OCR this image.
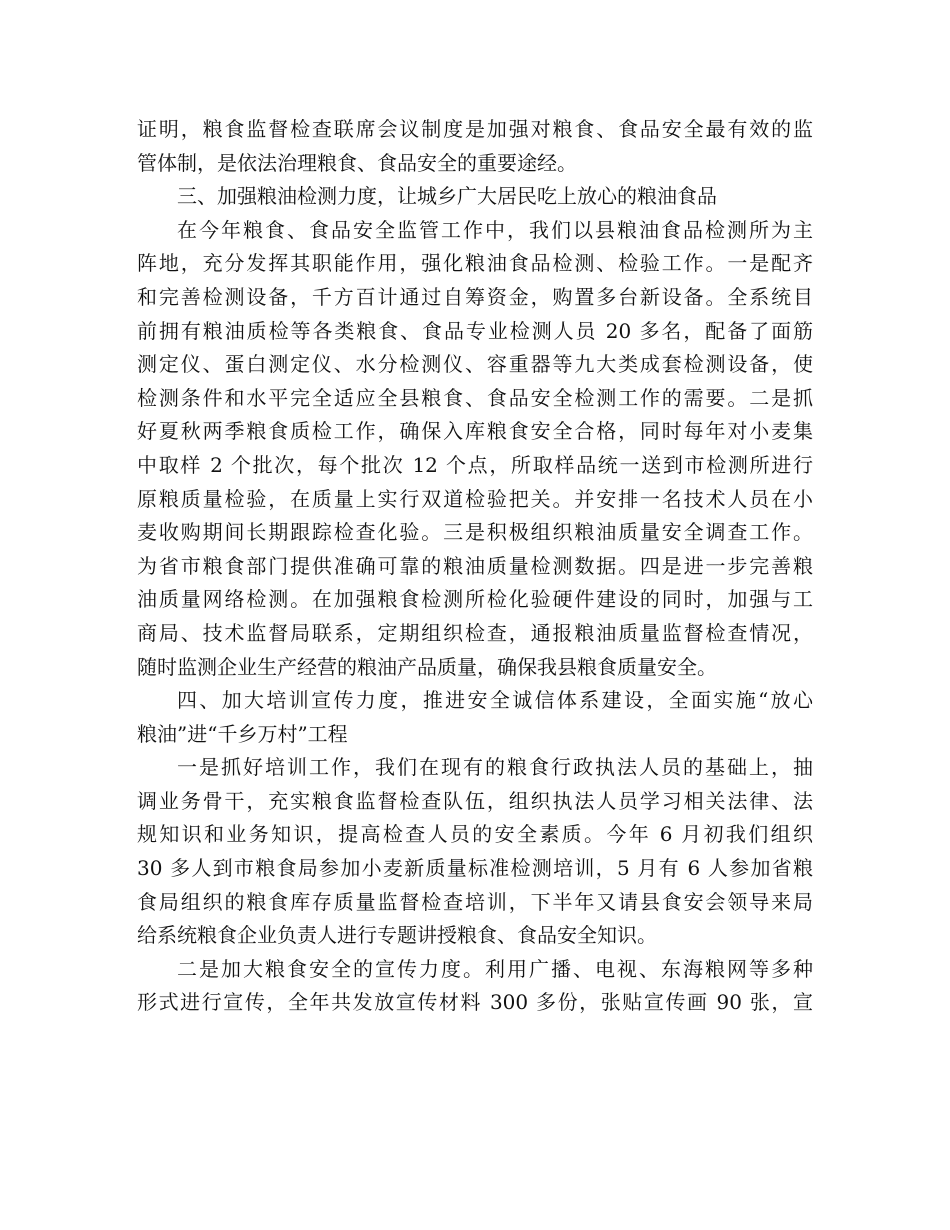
证明，粮食监督检查联席会议制度是加强对粮食、食品安全最有效的监
管体制，是依法治理粮食、食品安全的重要途经。
三、加强粮油检测力度，让城乡广大居民吃上放心的粮油食品
在今年粮食、食品安全监管工作中，我们以县粮油食品检测所为主
阵地，充分发挥其职能作用，强化粮油食品检测、检验工作。一是配齐
和完善检测设备，千方百计通过自筹资金，购置多台新设备。全系统目
前拥有粮油质检等各类粮食、食品专业检测人员 20 多名，配备了面筋
测定仪、蛋白测定仪、水分检测仪、容重器等九大类成套检测设备，使
检测条件和水平完全适应全县粮食、食品安全检测工作的需要。二是抓
好夏秋两季粮食质检工作，确保入库粮食安全合格，同时每年对小麦集
中取样 2 个批次，每个批次 12 个点，所取样品统一送到市检测所进行
原粮质量检验，在质量上实行双道检验把关。并安排一名技术人员在小
麦收购期间长期跟踪检查化验。三是积极组织粮油质量安全调查工作。
为省市粮食部门提供准确可靠的粮油质量检测数据。四是进一步完善粮
油质量网络检测。在加强粮食检测所检化验硬件建设的同时，加强与工
商局、技术监督局联系，定期组织检查，通报粮油质量监督检查情况，
随时监测企业生产经营的粮油产品质量，确保我县粮食质量安全。
四、加大培训宣传力度，推进安全诚信体系建设，全面实施“放心
粮油”进“千乡万村”工程
一是抓好培训工作，我们在现有的粮食行政执法人员的基础上，抽
调业务骨干，充实粮食监督检查队伍，组织执法人员学习相关法律、法
规知识和业务知识，提高检查人员的安全素质。今年 6 月初我们组织
30 多人到市粮食局参加小麦新质量标准检测培训，5 月有 6 人参加省粮
食局组织的粮食库存质量监督检查培训，下半年又请县食安会领导来局
给系统粮食企业负责人进行专题讲授粮食、食品安全知识。
二是加大粮食安全的宣传力度。利用广播、电视、东海粮网等多种
形式进行宣传，全年共发放宣传材料 300 多份，张贴宣传画 90 张，宣
